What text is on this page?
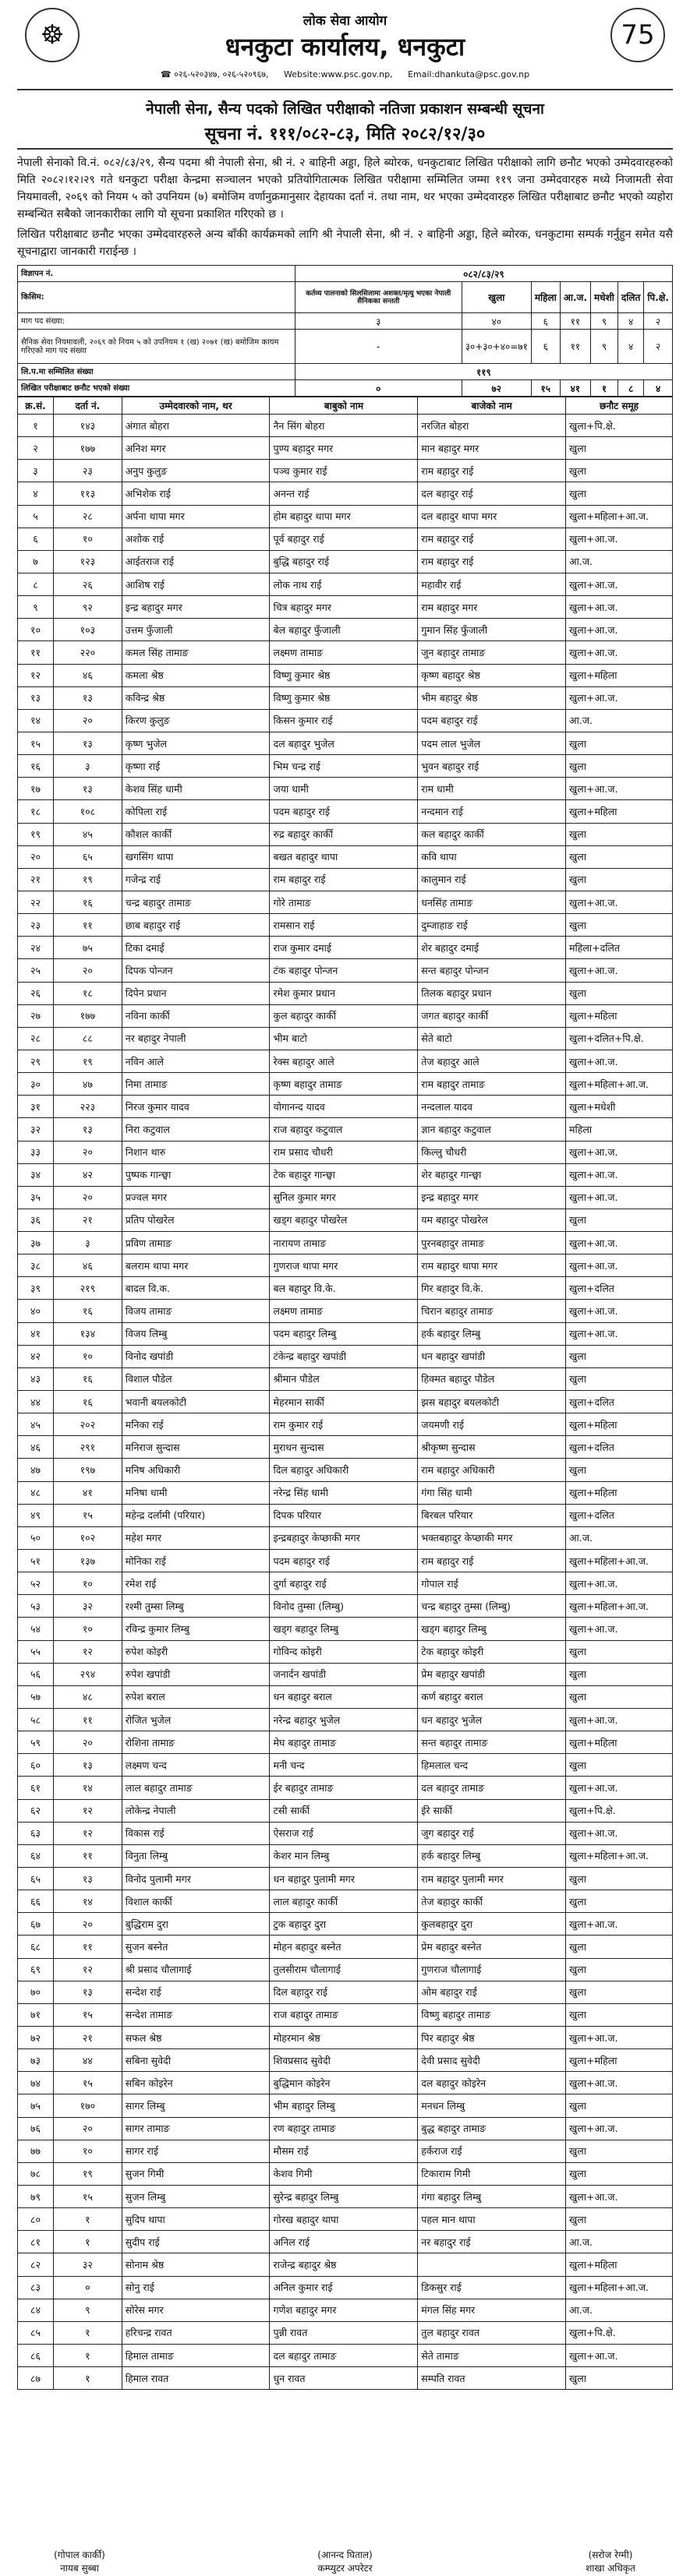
☸	लोक सेवा आयोग
धनकुटा कार्यालय, धनकुटा
☎ ०२६-५२०३४७, ०२६-५२०९६७, Website:www.psc.gov.np, Email:dhankuta@psc.gov.np
75
नेपाली सेना, सैन्य पदको लिखित परीक्षाको नतिजा प्रकाशन सम्बन्धी सूचना
सूचना नं. १११/०८२-८३, मिति २०८२/१२/३०
नेपाली सेनाको वि.नं. ०८२/८३/२९, सैन्य पदमा श्री नेपाली सेना, श्री नं. २ बाहिनी अड्डा, हिले ब्याेरक, धनकुटाबाट लिखित परीक्षाको लागि छनौट भएको उम्मेदवारहरुको मिति २०८२।१२।२९ गते धनकुटा परीक्षा केन्द्रमा सञ्चालन भएको प्रतियोगितात्मक लिखित परीक्षामा सम्मिलित जम्मा ११९ जना उम्मेदवारहरु मध्ये निजामती सेवा नियमावली, २०६९ को नियम ५ को उपनियम (७) बमोजिम वर्णानुक्रमानुसार देहायका दर्ता नं. तथा नाम, थर भएका उम्मेदवारहरु लिखित परीक्षाबाट छनौट भएको व्यहोरा सम्बन्धित सबैको जानकारीका लागि यो सूचना प्रकाशित गरिएको छ ।
लिखित परीक्षाबाट छनौट भएका उम्मेदवारहरुले अन्य बाँकी कार्यक्रमको लागि श्री नेपाली सेना, श्री नं. २ बाहिनी अड्डा, हिले ब्याेरक, धनकुटामा सम्पर्क गर्नुहुन समेत यसै सूचनाद्वारा जानकारी गराईन्छ ।
विज्ञापन नं.	०८२/८३/२९						
किसिम:	कर्तव्य पालनाको सिलसिलामा अशक्त/मृत्यु भएका नेपाली सैनिकका सन्तती	खुला	महिला	आ.ज.	मधेशी	दलित	पि.क्षे.
माग पद संख्या:	३	४०	६	११	९	४	२
सैनिक सेवा नियमावली, २०६९ को नियम ५ को उपनियम १ (ख) २०७१ (ख) बमोजिम कायम गरिएको माग पद संख्या	-	३०+३०+४०=७१	६	११	९	४	२
लि.प.मा सम्मिलित संख्या	११९						
लिखित परीक्षाबाट छनौट भएको संख्या	०	७२	१५	४१	१	८	४
क्र.सं.	दर्ता नं.	उम्मेदवारको नाम, थर	बाबुको नाम	बाजेको नाम	छनौट समूह
१	१४३	अंगात बोहरा	नैन सिंग बोहरा	नरजित बोहरा	खुला+पि.क्षे.
२	१७७	अनिश मगर	पुण्य बहादुर मगर	मान बहादुर मगर	खुला
३	२३	अनुप कुलुङ	पञ्च कुमार राई	राम बहादुर राई	खुला
४	११३	अभिशेक राई	अनन्त राई	दल बहादुर राई	खुला
५	२८	अर्पना थापा मगर	होम बहादुर थापा मगर	दल बहादुर थापा मगर	खुला+महिला+आ.ज.
६	१०	अशोक राई	पूर्व बहादुर राई	राम बहादुर राई	खुला+आ.ज.
७	१२३	आईतराज राई	बुद्धि बहादुर राई	राम बहादुर राई	आ.ज.
८	२६	आशिष राई	लोक नाथ राई	महावीर राई	खुला+आ.ज.
९	९२	इन्द्र बहादुर मगर	चित्र बहादुर मगर	राम बहादुर मगर	खुला+आ.ज.
१०	१०३	उत्तम फुँजाली	बेल बहादुर फुँजाली	गुमान सिंह फुँजाली	खुला+आ.ज.
११	२२०	कमल सिंह तामाङ	लक्ष्मण तामाङ	जुन बहादुर तामाङ	खुला+आ.ज.
१२	४६	कमला श्रेष्ठ	विष्णु कुमार श्रेष्ठ	कृष्ण बहादुर श्रेष्ठ	खुला+महिला
१३	१३	कविन्द्र श्रेष्ठ	विष्णु कुमार श्रेष्ठ	भीम बहादुर श्रेष्ठ	खुला+आ.ज.
१४	२०	किरण कुलुङ	किसन कुमार राई	पदम बहादुर राई	आ.ज.
१५	१३	कृष्ण भुजेल	दल बहादुर भुजेल	पदम लाल भुजेल	खुला
१६	३	कृष्णा राई	भिम चन्द्र राई	भुवन बहादुर राई	खुला
१७	१३	केशव सिंह धामी	जया धामी	राम धामी	खुला+आ.ज.
१८	१०८	कोपिला राई	पदम बहादुर राई	नन्दमान राई	खुला+महिला
१९	४५	कौशल कार्की	रुद्र बहादुर कार्की	कल बहादुर कार्की	खुला
२०	६५	खगसिंग थापा	बखत बहादुर थापा	कवि थापा	खुला
२१	१९	गजेन्द्र राई	राम बहादुर राई	कालुमान राई	खुला
२२	१६	चन्द्र बहादुर तामाङ	गोरे तामाङ	धनसिंह तामाङ	खुला+आ.ज.
२३	११	छाब बहादुर राई	रामसान राई	दुम्जाहाङ राई	खुला
२४	७५	टिका दमाई	राज कुमार दमाई	शेर बहादुर दमाई	महिला+दलित
२५	२०	दिपक पोन्जन	टंक बहादुर पोन्जन	सन्त बहादुर पोन्जन	खुला+आ.ज.
२६	१८	दिपेन प्रधान	रमेश कुमार प्रधान	तिलक बहादुर प्रधान	खुला
२७	१७७	नविना कार्की	कुल बहादुर कार्की	जगत बहादुर कार्की	खुला+महिला
२८	८८	नर बहादुर नेपाली	भीम बाटो	सेते बाटो	खुला+दलित+पि.क्षे.
२९	१९	नविन आले	रेक्स बहादुर आले	तेज बहादुर आले	खुला+आ.ज.
३०	४७	निमा तामाङ	कृष्ण बहादुर तामाङ	राम बहादुर तामाङ	खुला+महिला+आ.ज.
३१	२२३	निरज कुमार यादव	योगानन्द यादव	नन्दलाल यादव	खुला+मधेशी
३२	१३	निरा कटुवाल	राज बहादुर कटुवाल	ज्ञान बहादुर कटुवाल	महिला
३३	२०	निशान थारु	राम प्रसाद चौधरी	किल्लु चौधरी	खुला+आ.ज.
३४	४२	पुष्पक गान्छ्वा	टेक बहादुर गान्छ्वा	शेर बहादुर गान्छ्वा	खुला+आ.ज.
३५	२०	प्रज्वल मगर	सुनिल कुमार मगर	इन्द्र बहादुर मगर	खुला+आ.ज.
३६	२१	प्रतिप पोखरेल	खड्ग बहादुर पोखरेल	यम बहादुर पोखरेल	खुला
३७	३	प्रविण तामाङ	नारायण तामाङ	पुरनबहादुर तामाङ	खुला+आ.ज.
३८	४६	बलराम थापा मगर	गुणराज थापा मगर	राम बहादुर थापा मगर	खुला+आ.ज.
३९	२१९	बादल वि.क.	बल बहादुर वि.के.	गिर बहादुर वि.के.	खुला+दलित
४०	१६	विजय तामाङ	लक्ष्मण तामाङ	चिरान बहादुर तामाङ	खुला+आ.ज.
४१	१३४	विजय लिम्बु	पदम बहादुर लिम्बु	हर्क बहादुर लिम्बु	खुला+आ.ज.
४२	१०	विनोद खपांडी	टंकेन्द्र बहादुर खपांडी	धन बहादुर खपांडी	खुला
४३	१६	विशाल पौडेल	श्रीमान पौडेल	हिक्मत बहादुर पौडेल	खुला
४४	१६	भवानी बयलकोटी	मेहरमान सार्की	झस बहादुर बयलकोटी	खुला+दलित
४५	२०२	मनिका राई	राम कुमार राई	जयमणी राई	खुला+महिला
४६	२९१	मनिराज सुन्दास	मुराधन सुन्दास	श्रीकृष्ण सुन्दास	खुला+दलित
४७	१९७	मनिष अधिकारी	दिल बहादुर अधिकारी	राम बहादुर अधिकारी	खुला
४८	४१	मनिषा धामी	नरेन्द्र सिंह धामी	गंगा सिंह धामी	खुला+महिला
४९	१५	महेन्द्र दर्लामी (परियार)	दिपक परियार	बिरबल परियार	खुला+दलित
५०	१०२	महेश मगर	इन्द्रबहादुर केप्छाकी मगर	भक्तबहादुर केप्छाकी मगर	आ.ज.
५१	१३७	मोनिका राई	पदम बहादुर राई	राम बहादुर राई	खुला+महिला+आ.ज.
५२	१०	रमेश राई	दुर्गा बहादुर राई	गोपाल राई	खुला+आ.ज.
५३	३२	रश्मी तुम्सा लिम्बु	विनोद तुम्सा (लिम्बु)	चन्द्र बहादुर तुम्सा (लिम्बु)	खुला+महिला+आ.ज.
५४	१०	रविन्द्र कुमार लिम्बु	खड्ग बहादुर लिम्बु	खड्ग बहादुर लिम्बु	खुला+आ.ज.
५५	१२	रुपेश कोइरी	गोविन्द कोइरी	टेक बहादुर कोइरी	खुला
५६	२९४	रुपेश खपांडी	जनार्दन खपांडी	प्रेम बहादुर खपांडी	खुला
५७	४८	रुपेश बराल	धन बहादुर बराल	कर्ण बहादुर बराल	खुला
५८	११	रोजित भुजेल	नरेन्द्र बहादुर भुजेल	धन बहादुर भुजेल	खुला+आ.ज.
५९	२०	रोशिना तामाङ	मेघ बहादुर तामाङ	सन्त बहादुर तामाङ	खुला+महिला
६०	१३	लक्ष्मण चन्द	मनी चन्द	हिमलाल चन्द	खुला
६१	१४	लाल बहादुर तामाङ	ईर बहादुर तामाङ	दल बहादुर तामाङ	खुला+आ.ज.
६२	१२	लोकेन्द्र नेपाली	टसी सार्की	ईरे सार्की	खुला+पि.क्षे.
६३	१२	विकास राई	ऐसराज राई	जुग बहादुर राई	खुला+आ.ज.
६४	११	विनुता लिम्बु	केशर मान लिम्बु	हर्क बहादुर लिम्बु	खुला+महिला+आ.ज.
६५	१३	विनोद पुलामी मगर	धन बहादुर पुलामी मगर	राम बहादुर पुलामी मगर	खुला
६६	१४	विशाल कार्की	लाल बहादुर कार्की	तेज बहादुर कार्की	खुला
६७	२०	बुद्धिराम दुरा	टुक बहादुर दुरा	कुलबहादुर दुरा	खुला+आ.ज.
६८	११	सुजन बस्नेत	मोहन बहादुर बस्नेत	प्रेम बहादुर बस्नेत	खुला
६९	१२	श्री प्रसाद चौलागाई	तुलसीराम चौलागाई	गुणराज चौलागाई	खुला
७०	१३	सन्देश राई	दिल बहादुर राई	ओम बहादुर राई	खुला
७१	१५	सन्देश तामाङ	राज बहादुर तामाङ	विष्णु बहादुर तामाङ	खुला
७२	२१	सफल श्रेष्ठ	मोहरमान श्रेष्ठ	पिर बहादुर श्रेष्ठ	खुला+आ.ज.
७३	४४	सबिना सुवेदी	शिवप्रसाद सुवेदी	देवी प्रसाद सुवेदी	खुला+महिला
७४	१५	सबिन कोइरेन	बुद्धिमान कोइरेन	दल बहादुर कोइरेन	खुला+आ.ज.
७५	१७०	सागर लिम्बु	भीम बहादुर लिम्बु	मनधन लिम्बु	खुला
७६	२०	सागर तामाङ	रण बहादुर तामाङ	बुद्ध बहादुर तामाङ	खुला+आ.ज.
७७	१०	सागर राई	मौसम राई	हर्कराज राई	खुला
७८	१९	सुजन गिमी	केशव गिमी	टिकाराम गिमी	खुला
७९	१५	सुजन लिम्बु	सुरेन्द्र बहादुर लिम्बु	गंगा बहादुर लिम्बु	खुला+आ.ज.
८०	१	सुदिप थापा	गोरख बहादुर थापा	पहल मान थापा	खुला
८१	१	सुदीप राई	अनिल राई	नर बहादुर राई	आ.ज.
८२	३२	सोनाम श्रेष्ठ	राजेन्द्र बहादुर श्रेष्ठ		खुला+महिला
८३	०	सोनु राई	अनिल कुमार राई	डिकसुर राई	खुला+महिला+आ.ज.
८४	९	सोरेस मगर	गणेश बहादुर मगर	मंगल सिंह मगर	आ.ज.
८५	१	हरिचन्द्र रावत	पुन्नी रावत	तुल बहादुर रावत	खुला+पि.क्षे.
८६	१	हिमाल तामाङ	दल बहादुर तामाङ	सेते तामाङ	खुला+आ.ज.
८७	१	हिमाल रावत	धुन रावत	सम्पति रावत	खुला
(गोपाल कार्की)
नायब सुब्बा
(आनन्द घिताल)
कम्प्युटर अपरेटर
(सरोज रेग्मी)
शाखा अधिकृत
